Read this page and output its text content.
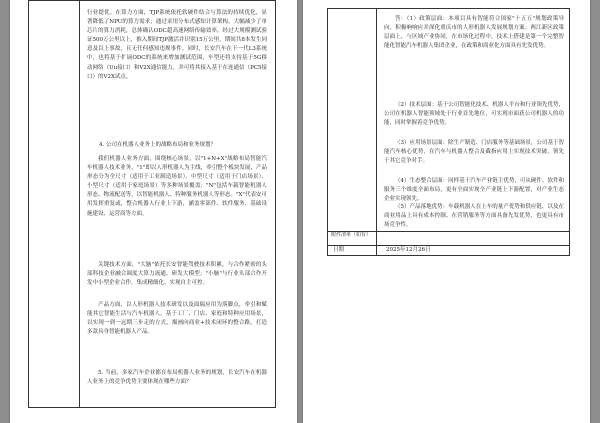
行业提优。在算力方面，TJP系统依托软硬件结合与算法的持续优化，显著降低了NPU的算力需求；通过采用分布式感知计算架构，大幅减少了单芯片的算力消耗，总体确认ODC超高速网络传输效率，经过大规模测试验证500万公里以上，推入期间TJP激活并识别15万公里，期间共8本发生同意及以上事故，且无任何感知违规事件。同时，长安汽车在下一代L3系统中，也将基于扩展ODC的系统来增加测试范围，车型还将支持基于5G移动网络（Uu接口）和V2X通信能力，并可将其接入基于在连通信（PC5接口）的V2X试点。

4. 公司在机器人业务上的战略布局和业务规划？

我们机器人业务方面，围绕核心场景，以"1+N+X"战略布局智能汽车机器人技术业务，"1"即以人形机器人为主线，牵引整个板块发展，产品形态分为全尺寸（适用于工业制造场景）、中型尺寸（适用于门店场景）、小型尺寸（适用于家庭场景）等多种场景覆盖；"N"包括车载智能机器人形态、物流配送等，以智能机器人、特种服务机器人等形态。"X"代表安可用发挥重复或，整合机器人行业上下游，涵盖零部件、软件服务、基础设施建设、运营商等方面。

关键技术方面，"大脑"依托长安智能驾驶技术积累，与合作紧密的头部科技企业融合调度大算力流通，研发大模型；"小脑"与行业头部合作开发中小型企业合作，集成精细化、实现自主可控。

产品方面，以人形机器人技术研发以及面瑞应用为落脚点，牵引和赋能其它智能生活与汽车机器人，基于工厂、门店、家庭和特种应用场景，以实现一到一远期三步走的方式，描画向商业+技术闭环的整合路，打造多款具身智能机器人产品。

5. 当前，多家汽车企业都在布局机器人业务的规划，长安汽车在机器人业务上的竞争优势主要体现在哪些方面？

答：（1）政策层面：本项目具有智能符合国家"十五五"规划政策导向，积极响响应并深化重庆市的人形机器人发展规划方案；两江新区政策层面上，与区域产业协同，在市场化过程中，技术上搭建是第一个完整智能化智能汽车机器人集团企业，在政策和商业化方面具有先发优势。

（2）技术层面：基于公司智能化技术、机器人平台和行业领先优势，公司在机器人智能领域处于行业首先地位，可实现市面获公司机器人的功能，同时掌握着竞争优势。

（3）应用场景层面：除生产制造、门店服务等基础场景，公司基于智能汽车核心优势，在汽车与机器人整合及截指应用上实现技术突破，领先于其它竞争对手。

（4）生态整合层面：同样基于汽车产业链主优势，可从硬件、软件和服务三个维度全面布局，更有全面实现全产业链上下游配置，对产业生态企业实现领先。

（5）产品落地优势：车载机器人在上车的量产优势和供应链、以及在商业用品上具有成本控制、在营销服务等方面具备先发优势，也更具有市场竞争性。

附件清单（如有）
日期	2025年12月26日
